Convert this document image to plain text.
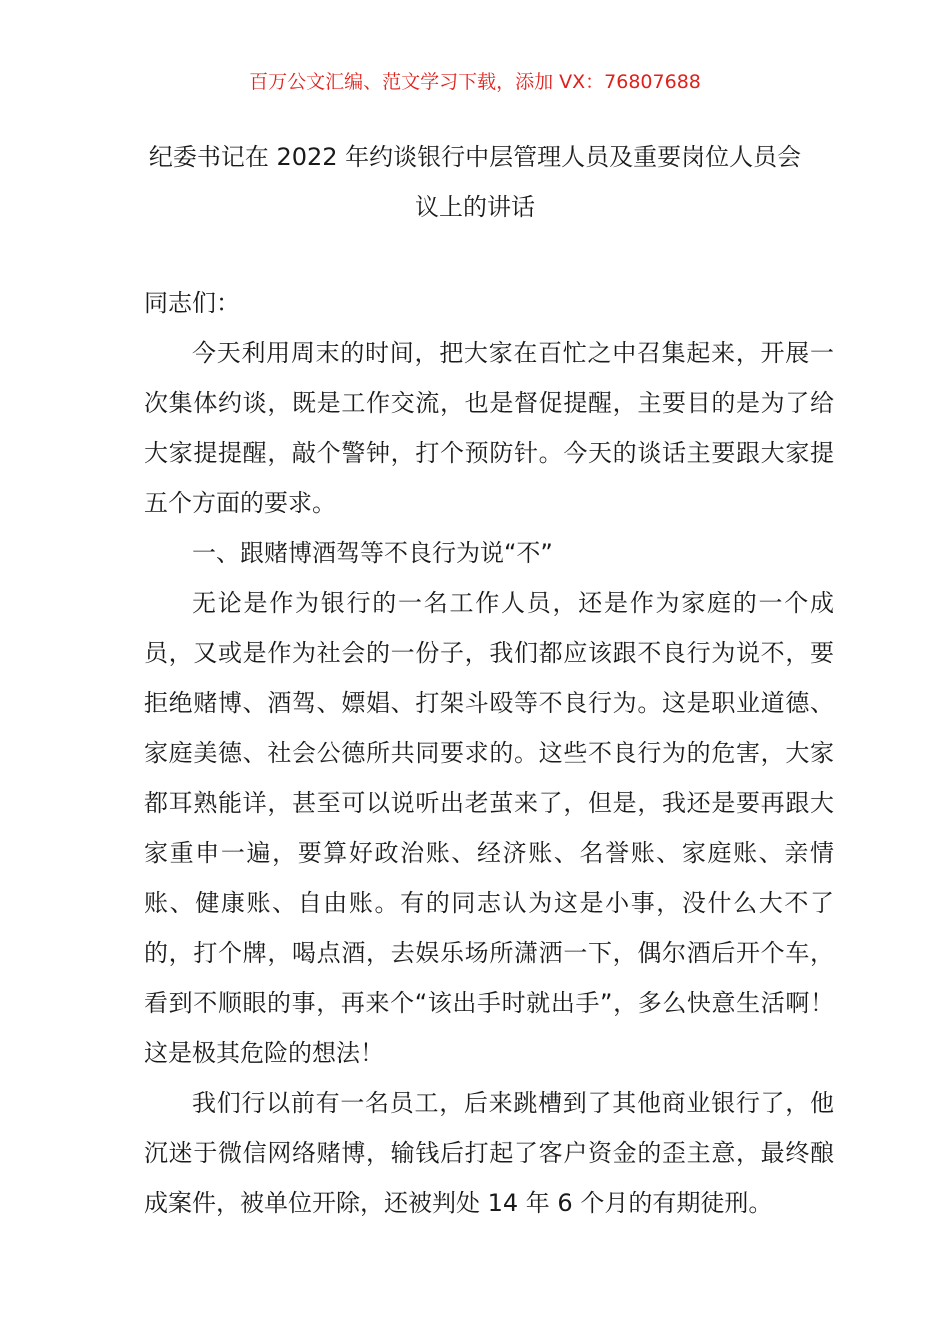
百万公文汇编、范文学习下载，添加 VX：76807688
纪委书记在 2022 年约谈银行中层管理人员及重要岗位人员会
议上的讲话

同志们：

今天利用周末的时间，把大家在百忙之中召集起来，开展一次集体约谈，既是工作交流，也是督促提醒，主要目的是为了给大家提提醒，敲个警钟，打个预防针。今天的谈话主要跟大家提五个方面的要求。

一、跟赌博酒驾等不良行为说“不”

无论是作为银行的一名工作人员，还是作为家庭的一个成员，又或是作为社会的一份子，我们都应该跟不良行为说不，要拒绝赌博、酒驾、嫖娼、打架斗殴等不良行为。这是职业道德、家庭美德、社会公德所共同要求的。这些不良行为的危害，大家都耳熟能详，甚至可以说听出老茧来了，但是，我还是要再跟大家重申一遍，要算好政治账、经济账、名誉账、家庭账、亲情账、健康账、自由账。有的同志认为这是小事，没什么大不了的，打个牌，喝点酒，去娱乐场所潇洒一下，偶尔酒后开个车，看到不顺眼的事，再来个“该出手时就出手”，多么快意生活啊！这是极其危险的想法！

我们行以前有一名员工，后来跳槽到了其他商业银行了，他沉迷于微信网络赌博，输钱后打起了客户资金的歪主意，最终酿成案件，被单位开除，还被判处 14 年 6 个月的有期徒刑。
